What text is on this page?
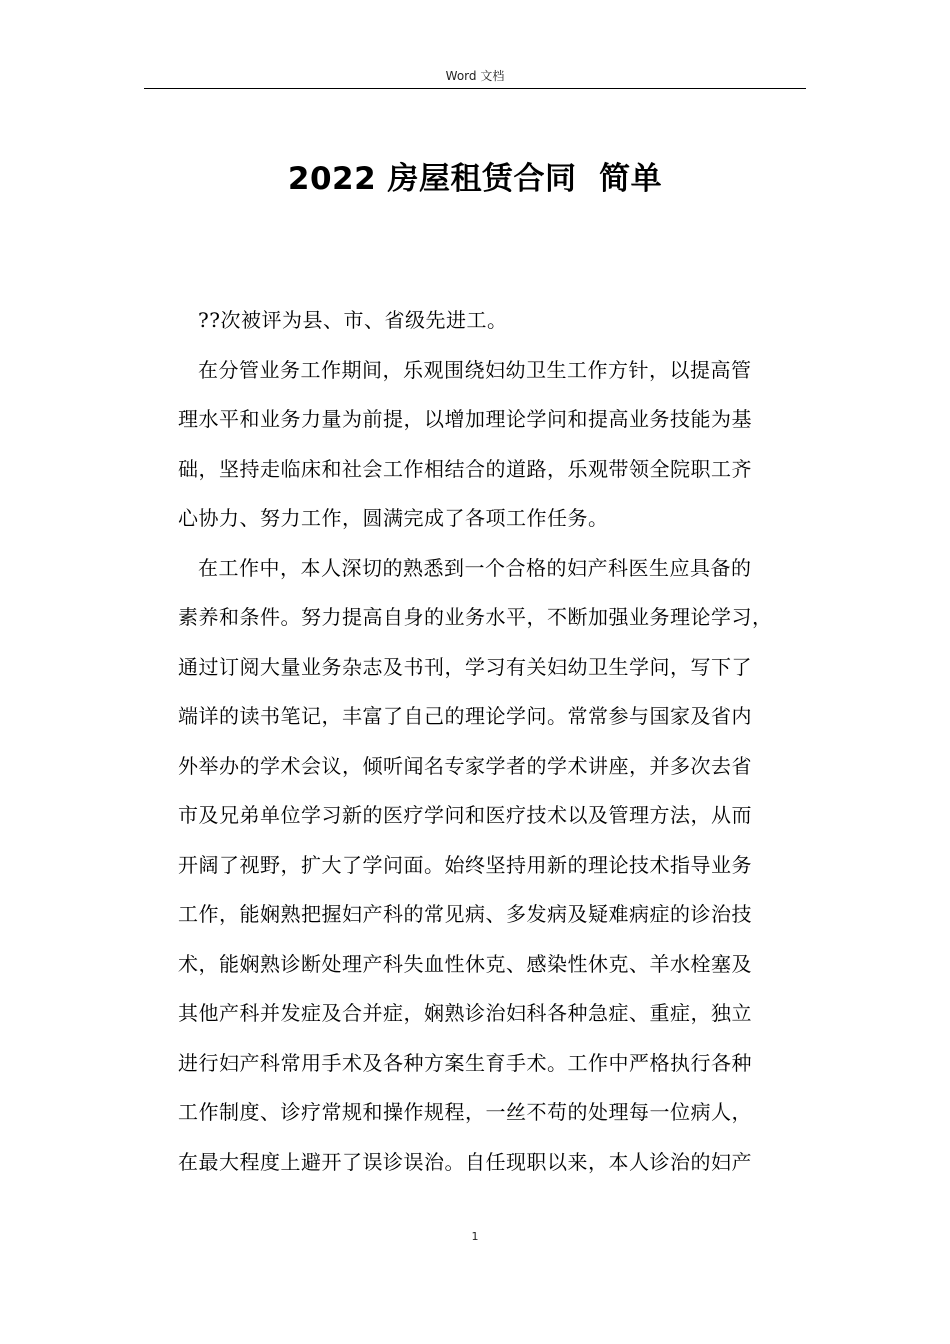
Word 文档
2022 房屋租赁合同  简单
??次被评为县、市、省级先进工。
在分管业务工作期间，乐观围绕妇幼卫生工作方针，以提高管
理水平和业务力量为前提，以增加理论学问和提高业务技能为基
础，坚持走临床和社会工作相结合的道路，乐观带领全院职工齐
心协力、努力工作，圆满完成了各项工作任务。
在工作中，本人深切的熟悉到一个合格的妇产科医生应具备的
素养和条件。努力提高自身的业务水平，不断加强业务理论学习，
通过订阅大量业务杂志及书刊，学习有关妇幼卫生学问，写下了
端详的读书笔记，丰富了自己的理论学问。常常参与国家及省内
外举办的学术会议，倾听闻名专家学者的学术讲座，并多次去省
市及兄弟单位学习新的医疗学问和医疗技术以及管理方法，从而
开阔了视野，扩大了学问面。始终坚持用新的理论技术指导业务
工作，能娴熟把握妇产科的常见病、多发病及疑难病症的诊治技
术，能娴熟诊断处理产科失血性休克、感染性休克、羊水栓塞及
其他产科并发症及合并症，娴熟诊治妇科各种急症、重症，独立
进行妇产科常用手术及各种方案生育手术。工作中严格执行各种
工作制度、诊疗常规和操作规程，一丝不苟的处理每一位病人，
在最大程度上避开了误诊误治。自任现职以来，本人诊治的妇产
1
